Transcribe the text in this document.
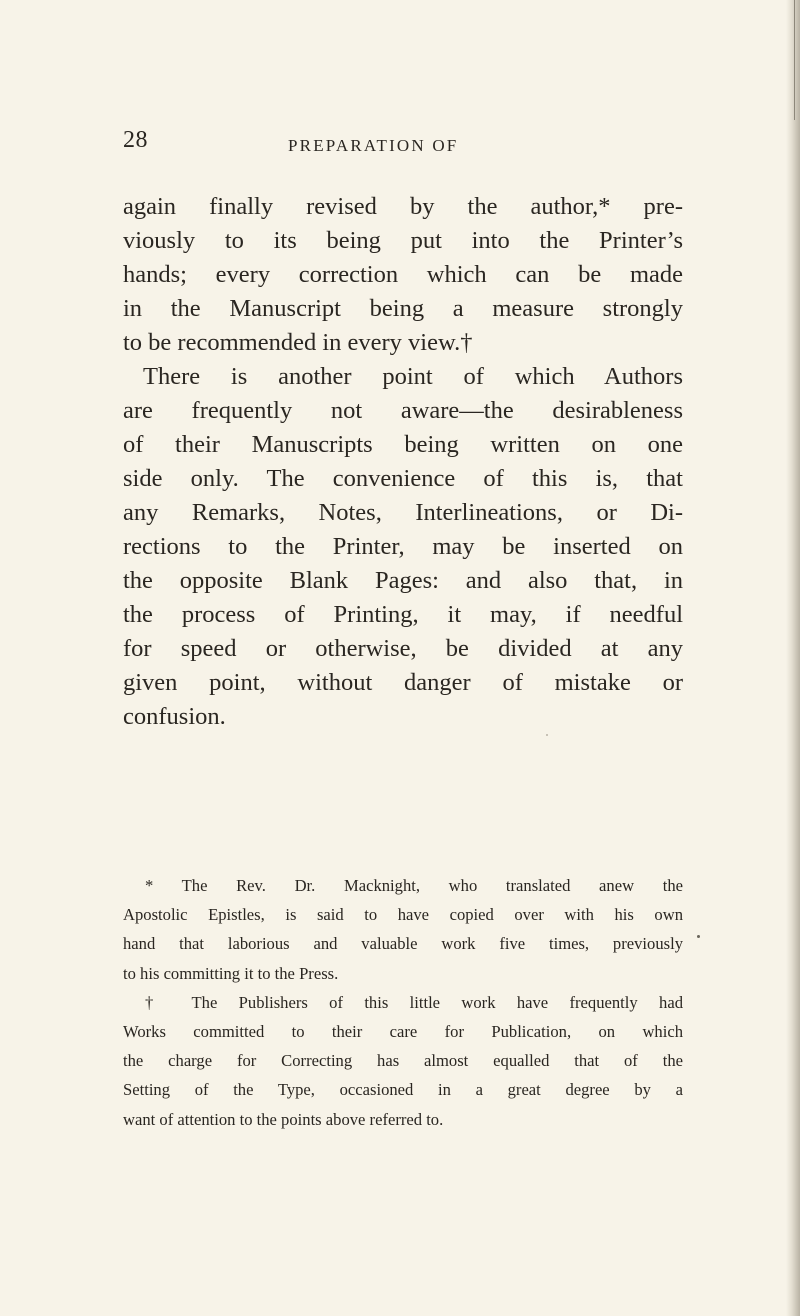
28	PREPARATION OF
again finally revised by the author,* pre-
viously to its being put into the Printer’s
hands; every correction which can be made
in the Manuscript being a measure strongly
to be recommended in every view.†
There is another point of which Authors
are frequently not aware—the desirableness
of their Manuscripts being written on one
side only. The convenience of this is, that
any Remarks, Notes, Interlineations, or Di-
rections to the Printer, may be inserted on
the opposite Blank Pages: and also that, in
the process of Printing, it may, if needful
for speed or otherwise, be divided at any
given point, without danger of mistake or
confusion.
* The Rev. Dr. Macknight, who translated anew the
Apostolic Epistles, is said to have copied over with his own
hand that laborious and valuable work five times, previously
to his committing it to the Press.
† The Publishers of this little work have frequently had
Works committed to their care for Publication, on which
the charge for Correcting has almost equalled that of the
Setting of the Type, occasioned in a great degree by a
want of attention to the points above referred to.
